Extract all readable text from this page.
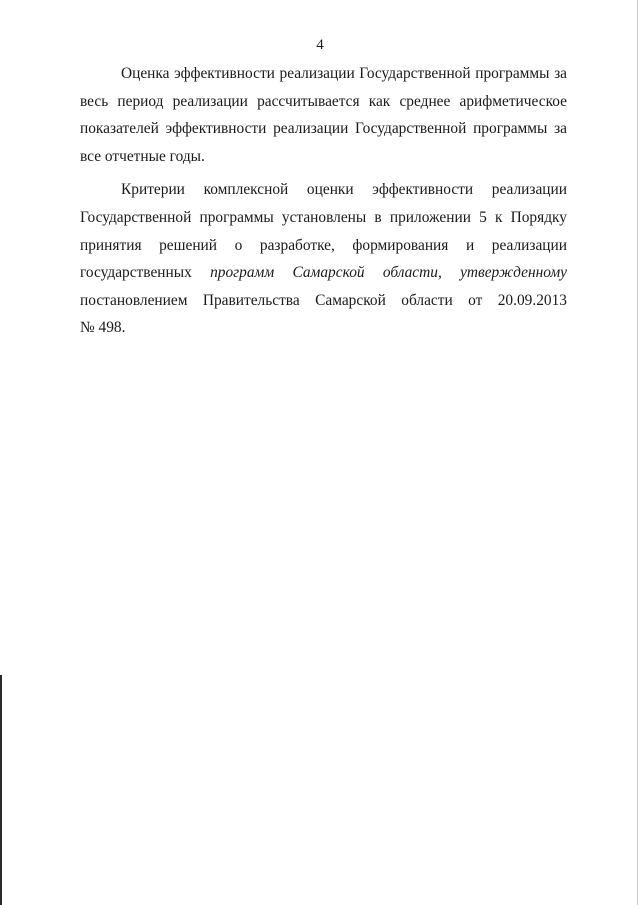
4
Оценка эффективности реализации Государственной программы за
весь период реализации рассчитывается как среднее арифметическое
показателей эффективности реализации Государственной программы за
все отчетные годы.
Критерии комплексной оценки эффективности реализации
Государственной программы установлены в приложении 5 к Порядку
принятия решений о разработке, формирования и реализации
государственных программ Самарской области, утвержденному
постановлением Правительства Самарской области от 20.09.2013
№ 498.
